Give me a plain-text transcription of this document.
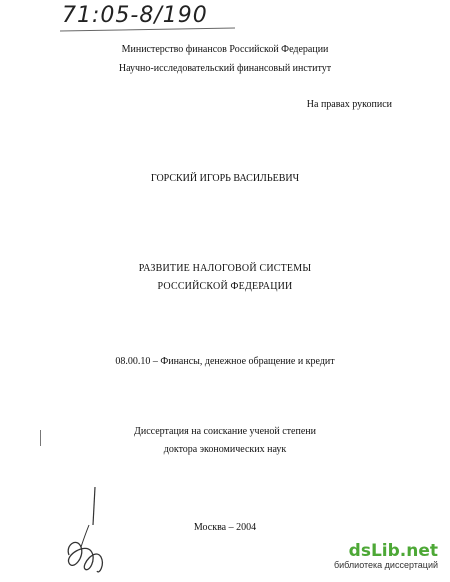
71:05-8/190
Министерство финансов Российской Федерации
Научно-исследовательский финансовый институт
На правах рукописи
ГОРСКИЙ ИГОРЬ ВАСИЛЬЕВИЧ
РАЗВИТИЕ НАЛОГОВОЙ СИСТЕМЫ
РОССИЙСКОЙ ФЕДЕРАЦИИ
08.00.10 – Финансы, денежное обращение и кредит
Диссертация на соискание ученой степени
доктора экономических наук
Москва – 2004
dsLib.net
библиотека диссертаций
